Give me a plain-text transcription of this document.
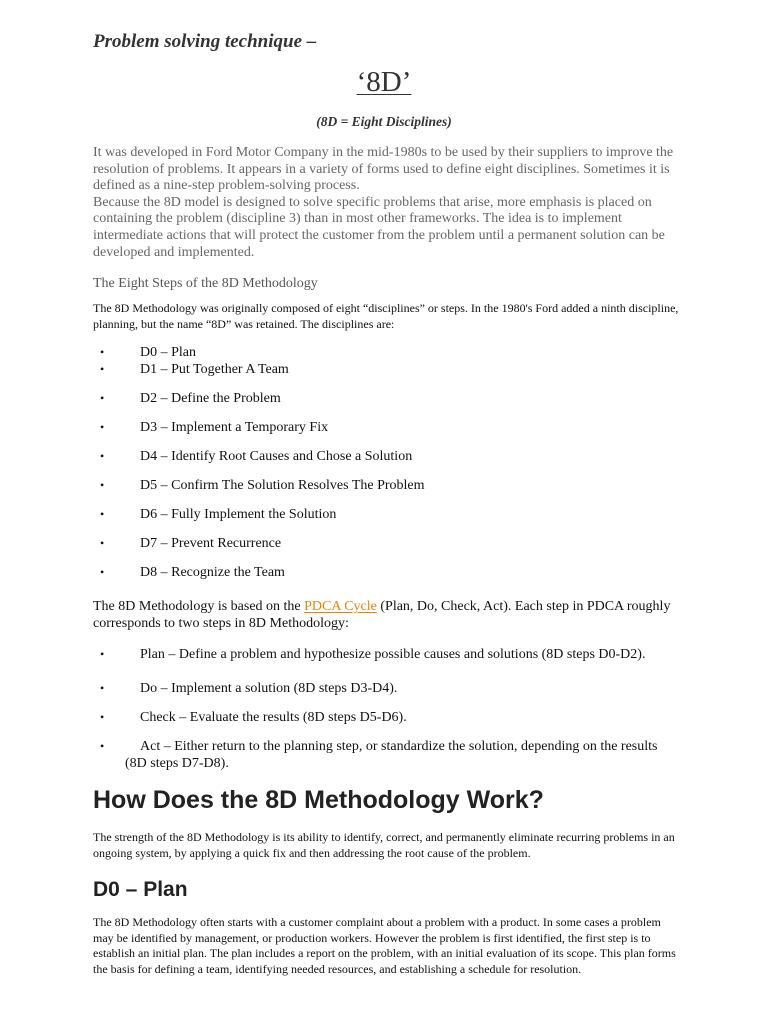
Problem solving technique –
‘8D’
(8D = Eight Disciplines)

It was developed in Ford Motor Company in the mid-1980s to be used by their suppliers to improve the resolution of problems. It appears in a variety of forms used to define eight disciplines. Sometimes it is defined as a nine-step problem-solving process.

Because the 8D model is designed to solve specific problems that arise, more emphasis is placed on containing the problem (discipline 3) than in most other frameworks. The idea is to implement intermediate actions that will protect the customer from the problem until a permanent solution can be developed and implemented.

The Eight Steps of the 8D Methodology
The 8D Methodology was originally composed of eight “disciplines” or steps. In the 1980's Ford added a ninth discipline, planning, but the name “8D” was retained. The disciplines are:
•	D0 – Plan
•	D1 – Put Together A Team
•	D2 – Define the Problem
•	D3 – Implement a Temporary Fix
•	D4 – Identify Root Causes and Chose a Solution
•	D5 – Confirm The Solution Resolves The Problem
•	D6 – Fully Implement the Solution
•	D7 – Prevent Recurrence
•	D8 – Recognize the Team
The 8D Methodology is based on the PDCA Cycle (Plan, Do, Check, Act). Each step in PDCA roughly corresponds to two steps in 8D Methodology:
•	Plan – Define a problem and hypothesize possible causes and solutions (8D steps D0-D2).
•	Do – Implement a solution (8D steps D3-D4).
•	Check – Evaluate the results (8D steps D5-D6).
•	Act – Either return to the planning step, or standardize the solution, depending on the results (8D steps D7-D8).
How Does the 8D Methodology Work?
The strength of the 8D Methodology is its ability to identify, correct, and permanently eliminate recurring problems in an ongoing system, by applying a quick fix and then addressing the root cause of the problem.
D0 – Plan
The 8D Methodology often starts with a customer complaint about a problem with a product. In some cases a problem may be identified by management, or production workers. However the problem is first identified, the first step is to establish an initial plan. The plan includes a report on the problem, with an initial evaluation of its scope. This plan forms the basis for defining a team, identifying needed resources, and establishing a schedule for resolution.
